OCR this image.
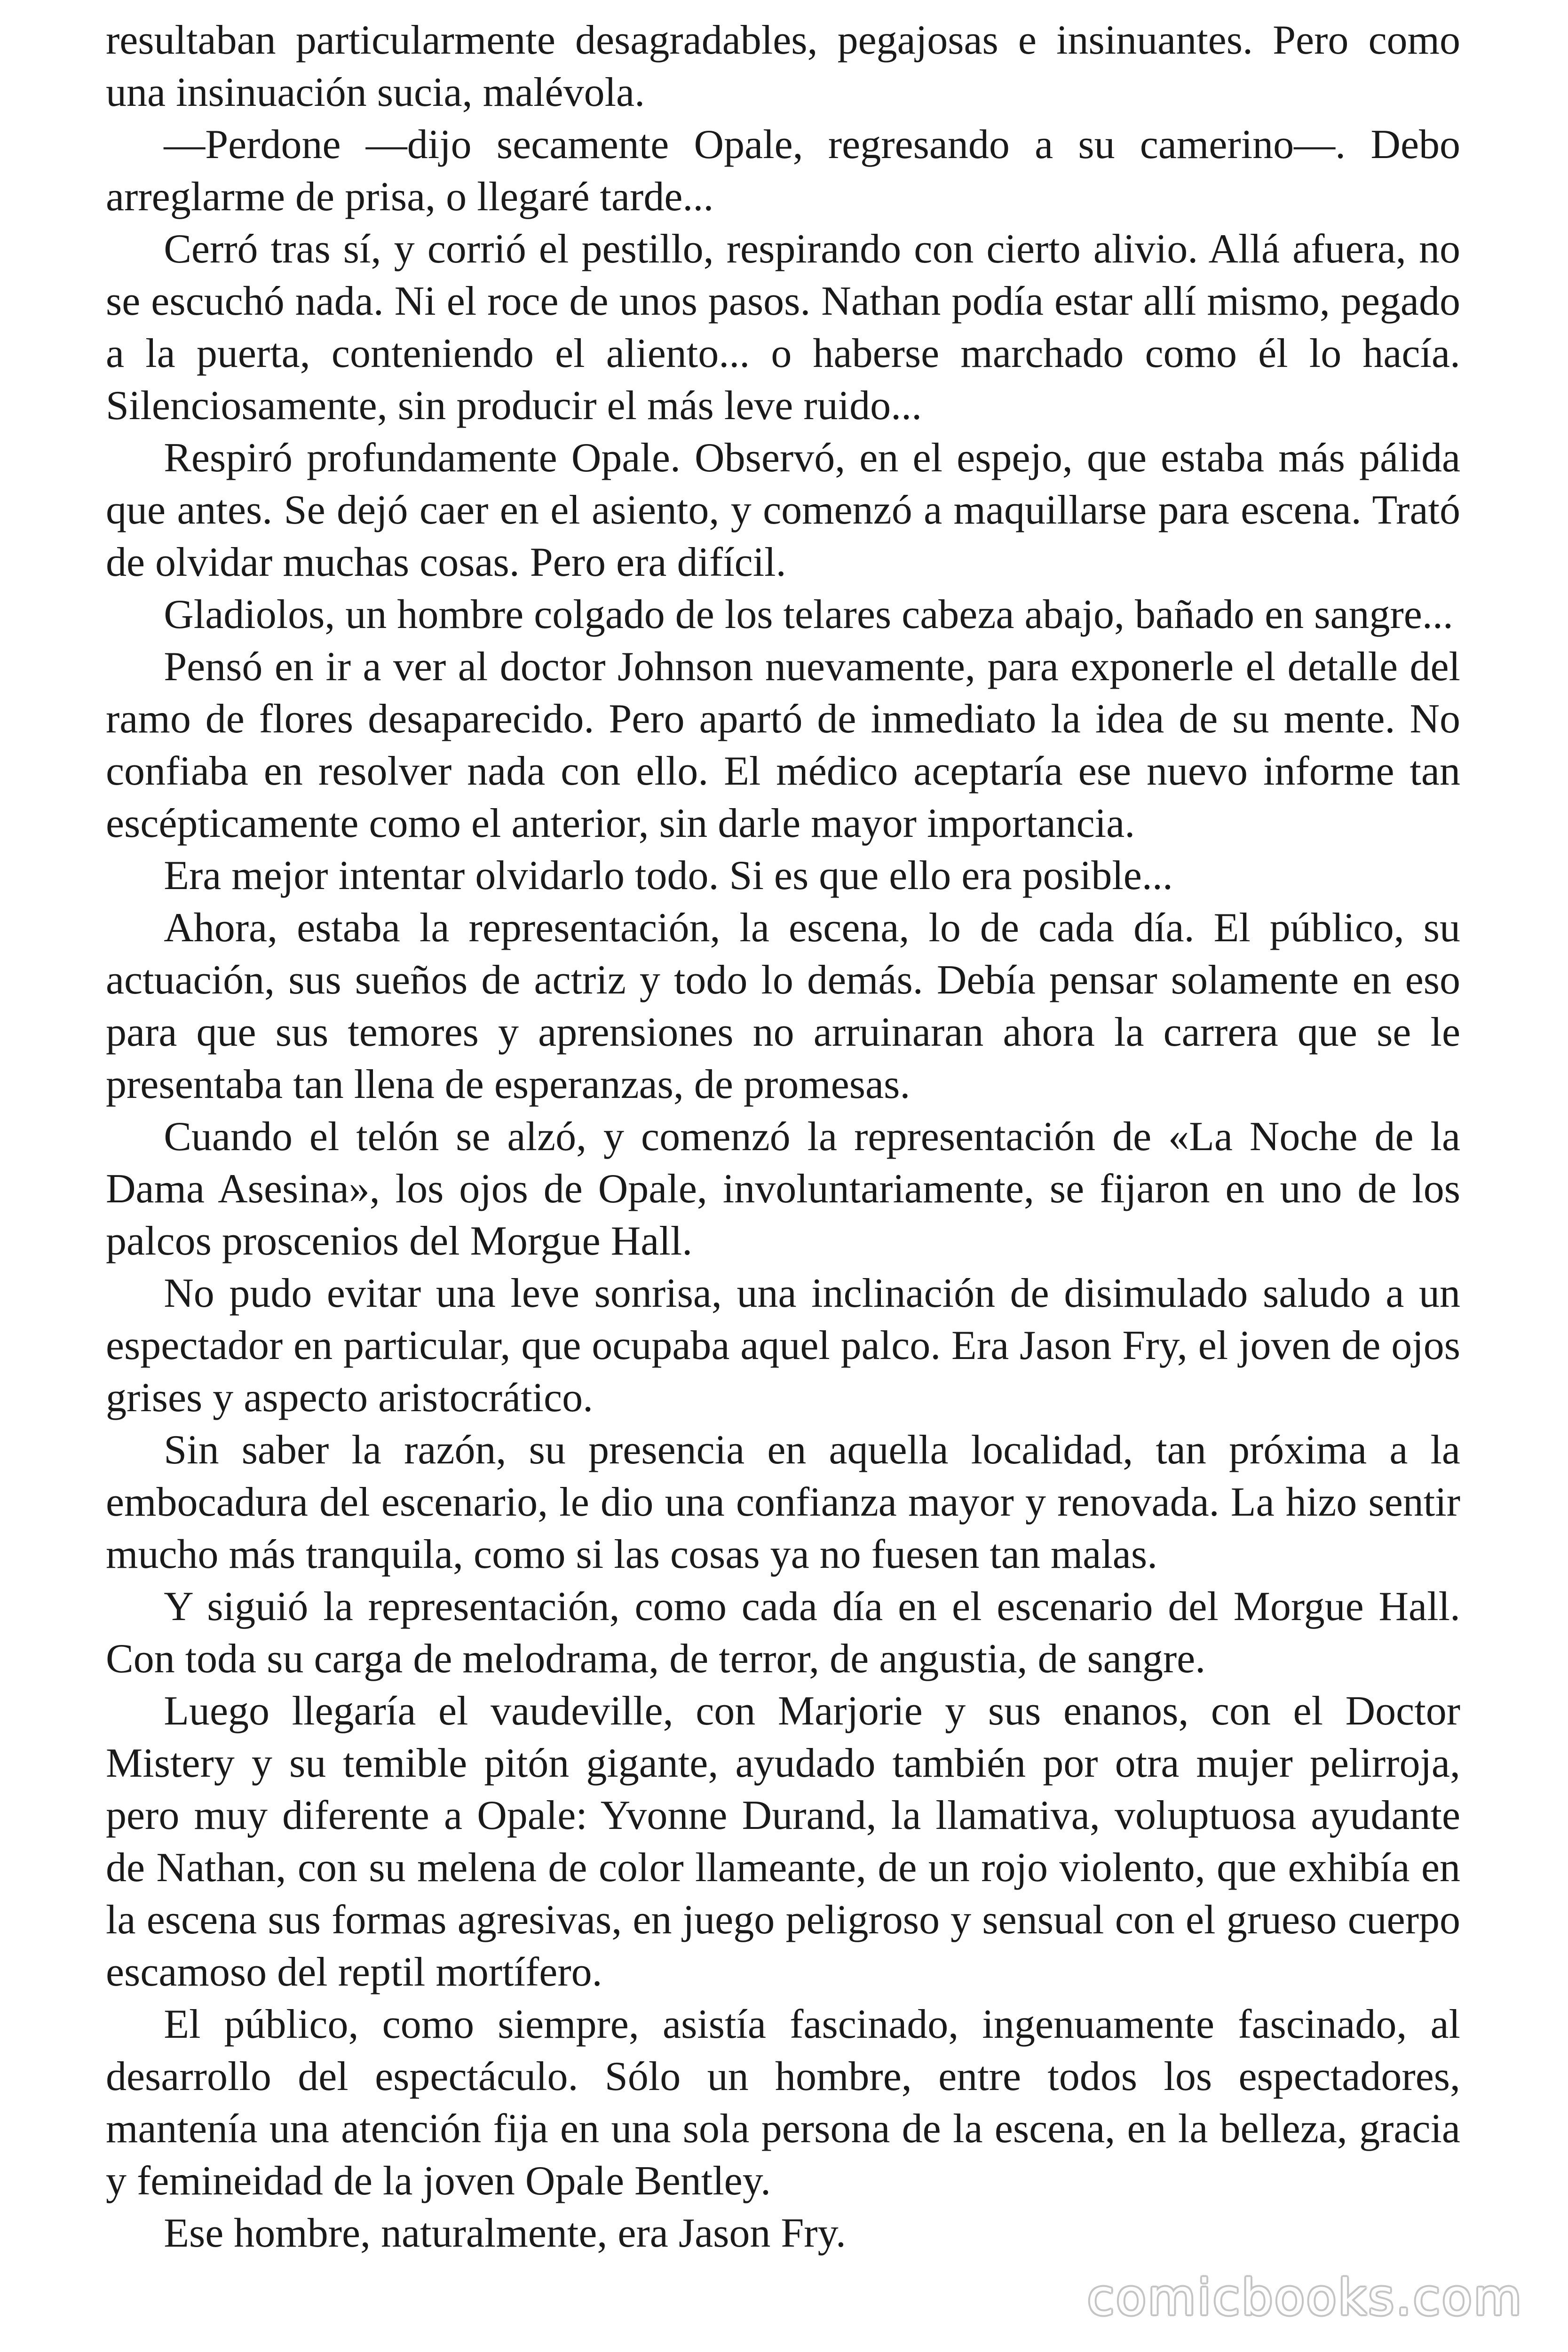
resultaban particularmente desagradables, pegajosas e insinuantes. Pero como una insinuación sucia, malévola.

—Perdone —dijo secamente Opale, regresando a su camerino—. Debo arreglarme de prisa, o llegaré tarde...

Cerró tras sí, y corrió el pestillo, respirando con cierto alivio. Allá afuera, no se escuchó nada. Ni el roce de unos pasos. Nathan podía estar allí mismo, pegado a la puerta, conteniendo el aliento... o haberse marchado como él lo hacía. Silenciosamente, sin producir el más leve ruido...

Respiró profundamente Opale. Observó, en el espejo, que estaba más pálida que antes. Se dejó caer en el asiento, y comenzó a maquillarse para escena. Trató de olvidar muchas cosas. Pero era difícil.

Gladiolos, un hombre colgado de los telares cabeza abajo, bañado en sangre...

Pensó en ir a ver al doctor Johnson nuevamente, para exponerle el detalle del ramo de flores desaparecido. Pero apartó de inmediato la idea de su mente. No confiaba en resolver nada con ello. El médico aceptaría ese nuevo informe tan escépticamente como el anterior, sin darle mayor importancia.

Era mejor intentar olvidarlo todo. Si es que ello era posible...

Ahora, estaba la representación, la escena, lo de cada día. El público, su actuación, sus sueños de actriz y todo lo demás. Debía pensar solamente en eso para que sus temores y aprensiones no arruinaran ahora la carrera que se le presentaba tan llena de esperanzas, de promesas.

Cuando el telón se alzó, y comenzó la representación de «La Noche de la Dama Asesina», los ojos de Opale, involuntariamente, se fijaron en uno de los palcos proscenios del Morgue Hall.

No pudo evitar una leve sonrisa, una inclinación de disimulado saludo a un espectador en particular, que ocupaba aquel palco. Era Jason Fry, el joven de ojos grises y aspecto aristocrático.

Sin saber la razón, su presencia en aquella localidad, tan próxima a la embocadura del escenario, le dio una confianza mayor y renovada. La hizo sentir mucho más tranquila, como si las cosas ya no fuesen tan malas.

Y siguió la representación, como cada día en el escenario del Morgue Hall. Con toda su carga de melodrama, de terror, de angustia, de sangre.

Luego llegaría el vaudeville, con Marjorie y sus enanos, con el Doctor Mistery y su temible pitón gigante, ayudado también por otra mujer pelirroja, pero muy diferente a Opale: Yvonne Durand, la llamativa, voluptuosa ayudante de Nathan, con su melena de color llameante, de un rojo violento, que exhibía en la escena sus formas agresivas, en juego peligroso y sensual con el grueso cuerpo escamoso del reptil mortífero.

El público, como siempre, asistía fascinado, ingenuamente fascinado, al desarrollo del espectáculo. Sólo un hombre, entre todos los espectadores, mantenía una atención fija en una sola persona de la escena, en la belleza, gracia y femineidad de la joven Opale Bentley.

Ese hombre, naturalmente, era Jason Fry.

comicbooks.com
